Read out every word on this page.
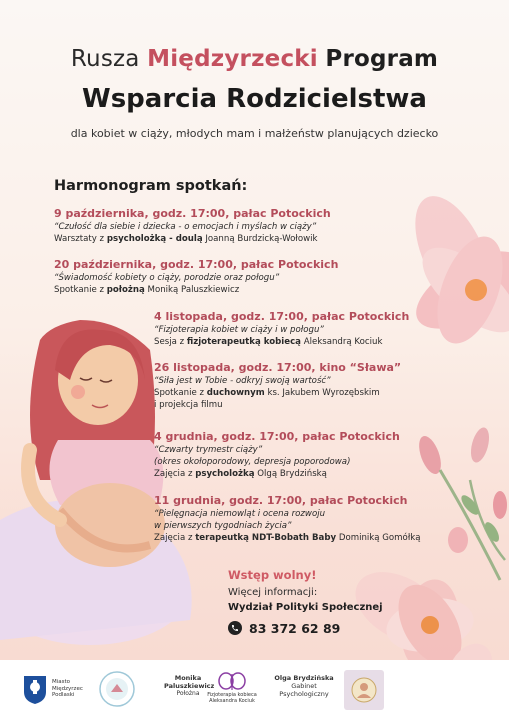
Rusza Międzyrzecki Program
Wsparcia Rodzicielstwa
dla kobiet w ciąży, młodych mam i małżeństw planujących dziecko
Harmonogram spotkań:
9 października, godz. 17:00, pałac Potockich
“Czułość dla siebie i dziecka - o emocjach i myślach w ciąży”
Warsztaty z psycholożką - doulą Joanną Burdzicką-Wołowik
20 października, godz. 17:00, pałac Potockich
“Świadomość kobiety o ciąży, porodzie oraz połogu”
Spotkanie z położną Moniką Paluszkiewicz
4 listopada, godz. 17:00, pałac Potockich
“Fizjoterapia kobiet w ciąży i w połogu”
Sesja z fizjoterapeutką kobiecą Aleksandrą Kociuk
26 listopada, godz. 17:00, kino “Sława”
“Siła jest w Tobie - odkryj swoją wartość”
Spotkanie z duchownym ks. Jakubem Wyrozębskim
i projekcja filmu
4 grudnia, godz. 17:00, pałac Potockich
“Czwarty trymestr ciąży”
(okres okołoporodowy, depresja poporodowa)
Zajęcia z psycholożką Olgą Brydzińską
11 grudnia, godz. 17:00, pałac Potockich
“Pielęgnacja niemowląt i ocena rozwoju
w pierwszych tygodniach życia”
Zajęcia z terapeutką NDT-Bobath Baby Dominiką Gomółką
Wstęp wolny!
Więcej informacji:
Wydział Polityki Społecznej
83 372 62 89
Miasto
Międzyrzec
Podlaski
Monika
Paluszkiewicz
Położna	Fizjoterapia kobieca
Aleksandra Kociuk
Olga Brydzińska
Gabinet
Psychologiczny
